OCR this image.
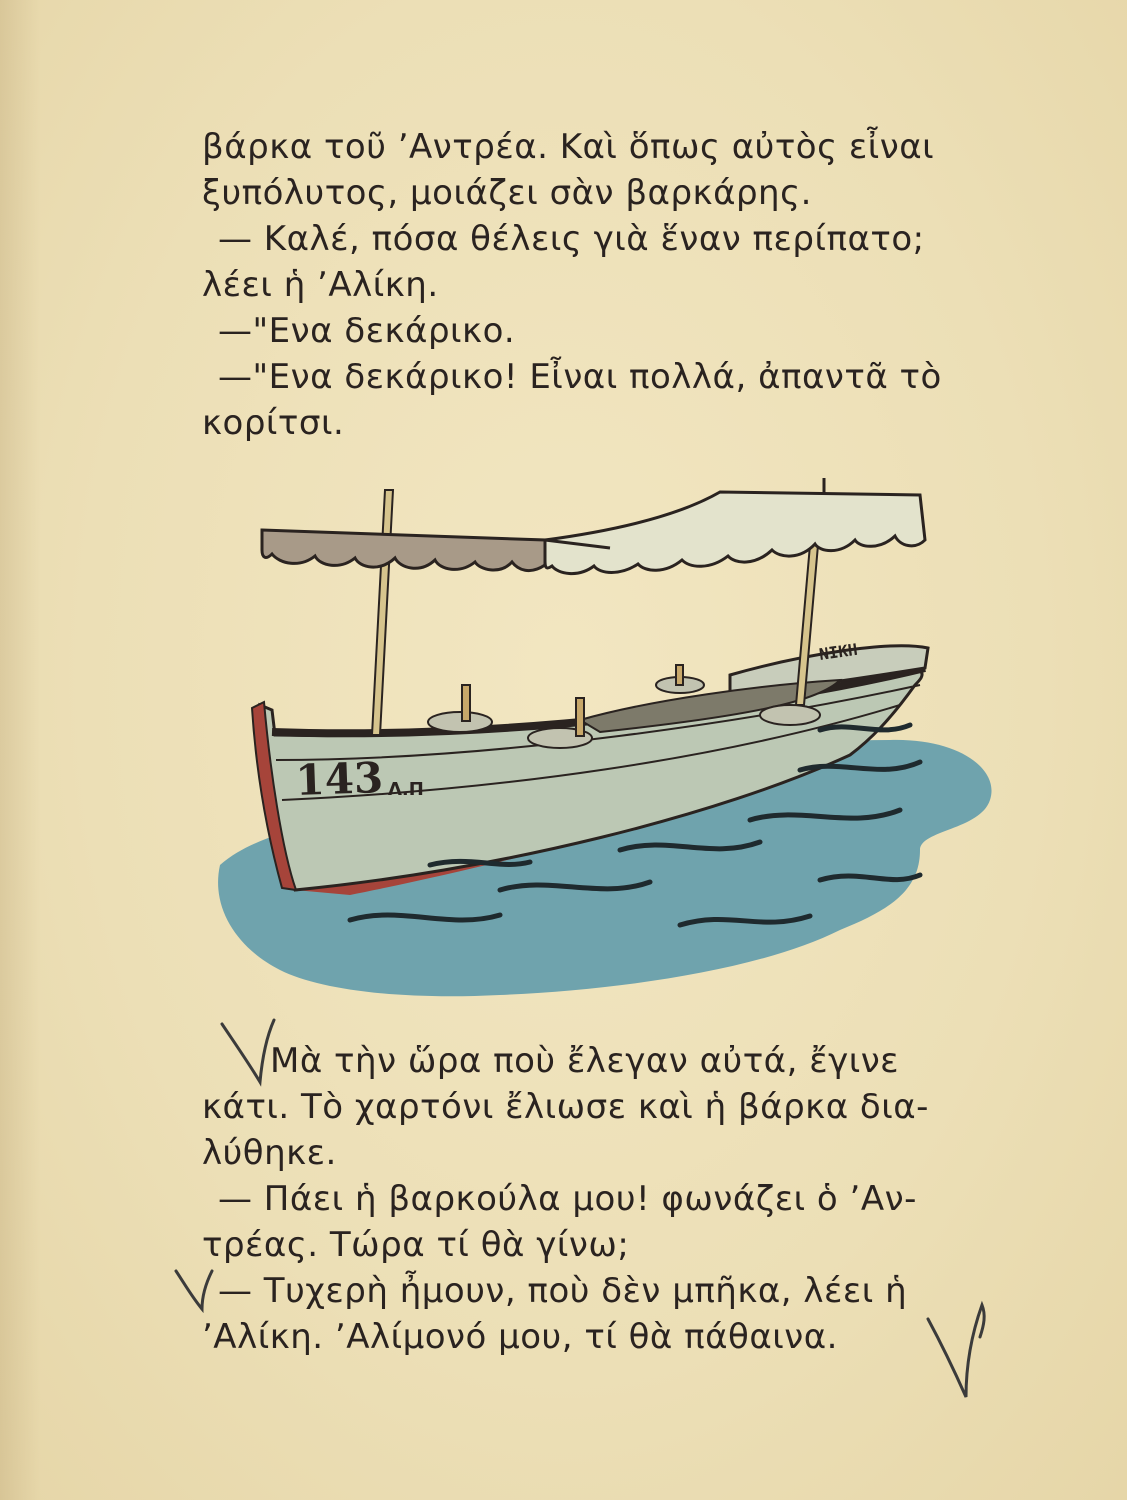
βάρκα τοῦ ’Αντρέα. Καὶ ὅπως αὐτὸς εἶναι
ξυπόλυτος, μοιάζει σὰν βαρκάρης.
— Καλέ, πόσα θέλεις γιὰ ἕναν περίπατο;
λέει ἡ ’Αλίκη.
—"Ενα δεκάρικο.
—"Ενα δεκάρικο! Εἶναι πολλά, ἀπαντᾶ τὸ
κορίτσι.
ΝΙΚΗ
143 Λ.Π
Μὰ τὴν ὥρα ποὺ ἔλεγαν αὐτά, ἔγινε
κάτι. Τὸ χαρτόνι ἔλιωσε καὶ ἡ βάρκα δια-
λύθηκε.
— Πάει ἡ βαρκούλα μου! φωνάζει ὁ ’Αν-
τρέας. Τώρα τί θὰ γίνω;
— Τυχερὴ ἦμουν, ποὺ δὲν μπῆκα, λέει ἡ
’Αλίκη. ’Αλίμονό μου, τί θὰ πάθαινα.
